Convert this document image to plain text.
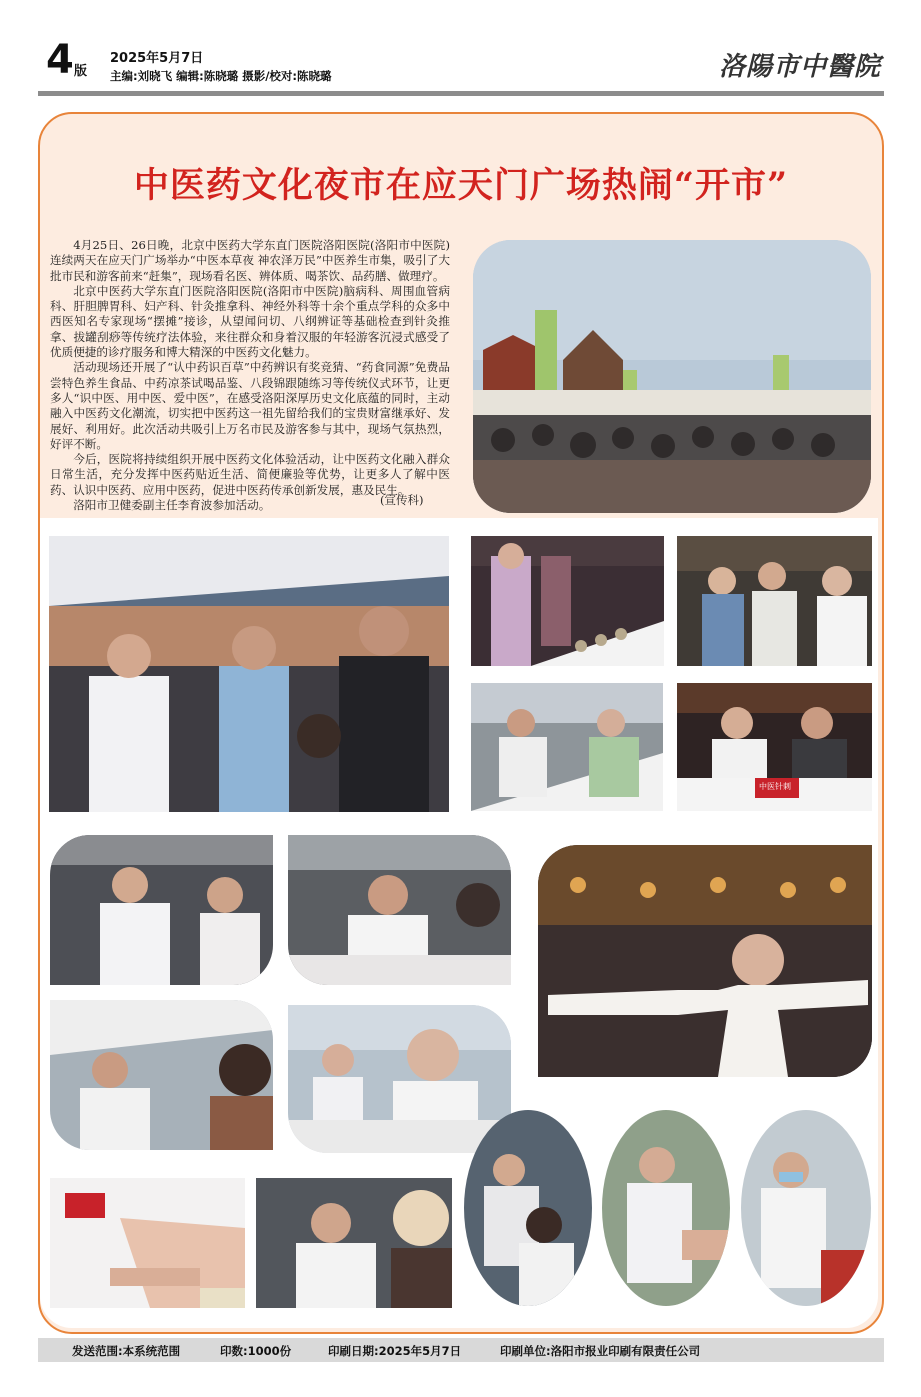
4 版
2025年5月7日
主编:刘晓飞 编辑:陈晓璐 摄影/校对:陈晓璐	洛陽市中醫院
中医药文化夜市在应天门广场热闹“开市”

4月25日、26日晚，北京中医药大学东直门医院洛阳医院(洛阳市中医院)连续两天在应天门广场举办“中医本草夜 神农泽万民”中医养生市集，吸引了大批市民和游客前来“赶集”，现场看名医、辨体质、喝茶饮、品药膳、做理疗。

北京中医药大学东直门医院洛阳医院(洛阳市中医院)脑病科、周围血管病科、肝胆脾胃科、妇产科、针灸推拿科、神经外科等十余个重点学科的众多中西医知名专家现场“摆摊”接诊，从望闻问切、八纲辨证等基础检查到针灸推拿、拔罐刮痧等传统疗法体验，来往群众和身着汉服的年轻游客沉浸式感受了优质便捷的诊疗服务和博大精深的中医药文化魅力。

活动现场还开展了“认中药识百草”中药辨识有奖竞猜、“药食同源”免费品尝特色养生食品、中药凉茶试喝品鉴、八段锦跟随练习等传统仪式环节，让更多人“识中医、用中医、爱中医”，在感受洛阳深厚历史文化底蕴的同时，主动融入中医药文化潮流，切实把中医药这一祖先留给我们的宝贵财富继承好、发展好、利用好。此次活动共吸引上万名市民及游客参与其中，现场气氛热烈，好评不断。

今后，医院将持续组织开展中医药文化体验活动，让中医药文化融入群众日常生活，充分发挥中医药贴近生活、简便廉验等优势，让更多人了解中医药、认识中医药、应用中医药，促进中医药传承创新发展，惠及民生。

洛阳市卫健委副主任李育波参加活动。	(宣传科)
中医针刺
发送范围:本系统范围	印数:1000份	印刷日期:2025年5月7日	印刷单位:洛阳市报业印刷有限责任公司
